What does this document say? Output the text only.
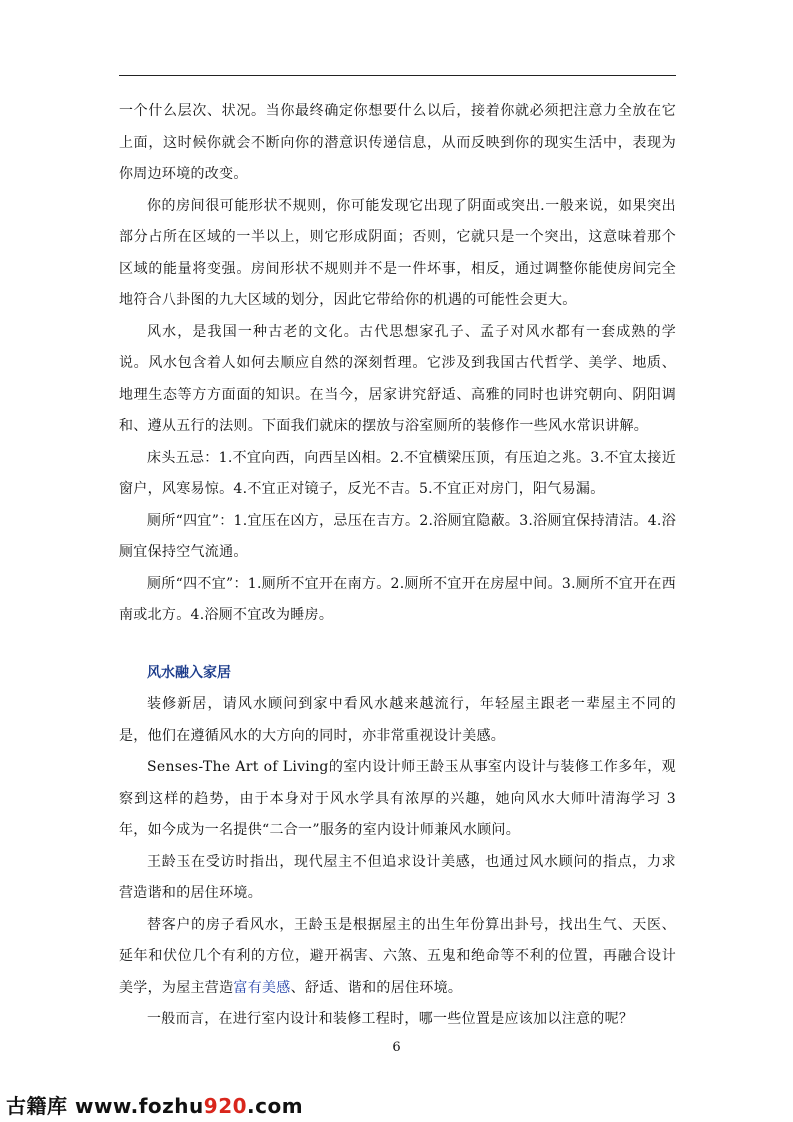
一个什么层次、状况。当你最终确定你想要什么以后，接着你就必须把注意力全放在它上面，这时候你就会不断向你的潜意识传递信息，从而反映到你的现实生活中，表现为你周边环境的改变。

你的房间很可能形状不规则，你可能发现它出现了阴面或突出.一般来说，如果突出部分占所在区域的一半以上，则它形成阴面；否则，它就只是一个突出，这意味着那个区域的能量将变强。房间形状不规则并不是一件坏事，相反，通过调整你能使房间完全地符合八卦图的九大区域的划分，因此它带给你的机遇的可能性会更大。

风水，是我国一种古老的文化。古代思想家孔子、孟子对风水都有一套成熟的学说。风水包含着人如何去顺应自然的深刻哲理。它涉及到我国古代哲学、美学、地质、地理生态等方方面面的知识。在当今，居家讲究舒适、高雅的同时也讲究朝向、阴阳调和、遵从五行的法则。下面我们就床的摆放与浴室厕所的装修作一些风水常识讲解。

床头五忌：1.不宜向西，向西呈凶相。2.不宜横梁压顶，有压迫之兆。3.不宜太接近窗户，风寒易惊。4.不宜正对镜子，反光不吉。5.不宜正对房门，阳气易漏。

厕所“四宜”：1.宜压在凶方，忌压在吉方。2.浴厕宜隐蔽。3.浴厕宜保持清洁。4.浴厕宜保持空气流通。

厕所“四不宜”：1.厕所不宜开在南方。2.厕所不宜开在房屋中间。3.厕所不宜开在西南或北方。4.浴厕不宜改为睡房。

风水融入家居

装修新居，请风水顾问到家中看风水越来越流行，年轻屋主跟老一辈屋主不同的是，他们在遵循风水的大方向的同时，亦非常重视设计美感。

Senses-The Art of Living的室内设计师王龄玉从事室内设计与装修工作多年，观察到这样的趋势，由于本身对于风水学具有浓厚的兴趣，她向风水大师叶清海学习 3 年，如今成为一名提供“二合一”服务的室内设计师兼风水顾问。

王龄玉在受访时指出，现代屋主不但追求设计美感，也通过风水顾问的指点，力求营造谐和的居住环境。

替客户的房子看风水，王龄玉是根据屋主的出生年份算出卦号，找出生气、天医、延年和伏位几个有利的方位，避开祸害、六煞、五鬼和绝命等不利的位置，再融合设计美学，为屋主营造富有美感、舒适、谐和的居住环境。

一般而言，在进行室内设计和装修工程时，哪一些位置是应该加以注意的呢？

6
古籍库 www.fozhu920.com
